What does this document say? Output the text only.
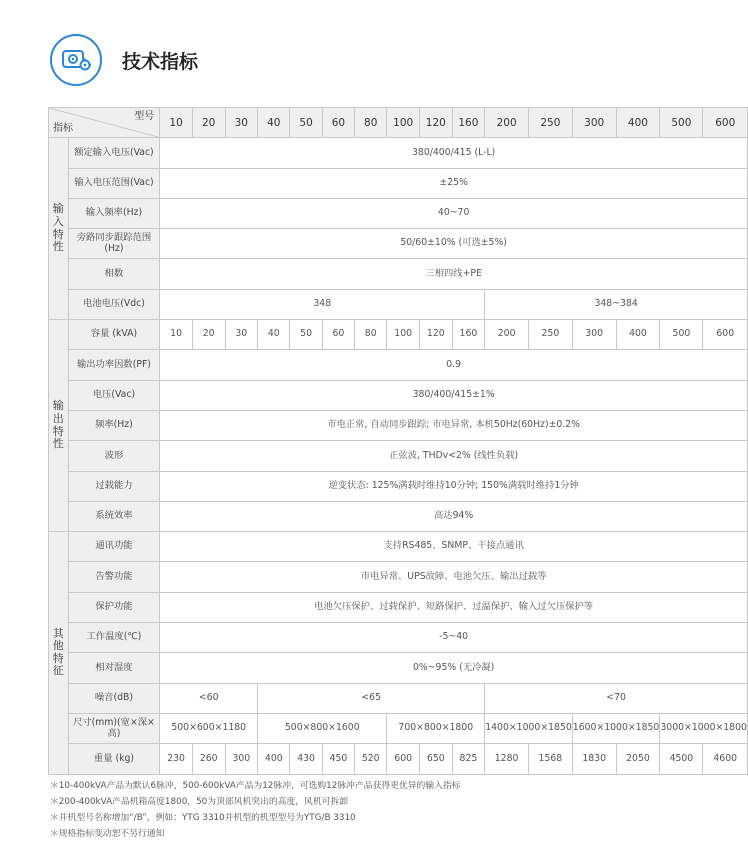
技术指标
型号
指标		10	20	30	40	50	60	80	100	120	160	200	250	300	400	500	600

输
入
特
性	额定输入电压(Vac)	380/400/415 (L-L)															
	输入电压范围(Vac)	±25%															
	输入频率(Hz)	40~70															
	旁路同步跟踪范围(Hz)	50/60±10% (可选±5%)															
	相数	三相四线+PE															
	电池电压(Vdc)	348										348~384					

输
出
特
性	容量 (kVA)	10	20	30	40	50	60	80	100	120	160	200	250	300	400	500	600
	输出功率因数(PF)	0.9															
	电压(Vac)	380/400/415±1%															
	频率(Hz)	市电正常, 自动同步跟踪; 市电异常, 本机50Hz(60Hz)±0.2%															
	波形	正弦波, THDv<2% (线性负载)															
	过载能力	逆变状态: 125%满载时维持10分钟; 150%满载时维持1分钟															
	系统效率	高达94%															

其
他
特
征	通讯功能	支持RS485、SNMP、干接点通讯															
	告警功能	市电异常、UPS故障、电池欠压、输出过载等															
	保护功能	电池欠压保护、过载保护、短路保护、过温保护、输入过欠压保护等															
	工作温度(℃)	-5~40															
	相对湿度	0%~95% (无冷凝)															
	噪音(dB)	<60			<65							<70					
	尺寸(mm)(宽×深×高)	500×600×1180			500×800×1600				700×800×1800			1400×1000×1850		1600×1000×1850		3000×1000×1800	
	重量 (kg)	230	260	300	400	430	450	520	600	650	825	1280	1568	1830	2050	4500	4600
＊10-400kVA产品为默认6脉冲，500-600kVA产品为12脉冲，可选购12脉冲产品获得更优异的输入指标
＊200-400kVA产品机箱高度1800，50为顶部风机突出的高度，风机可拆卸
＊并机型号名称增加“/B”，例如：YTG 3310并机型的机型型号为YTG/B 3310
＊规格指标变动恕不另行通知
